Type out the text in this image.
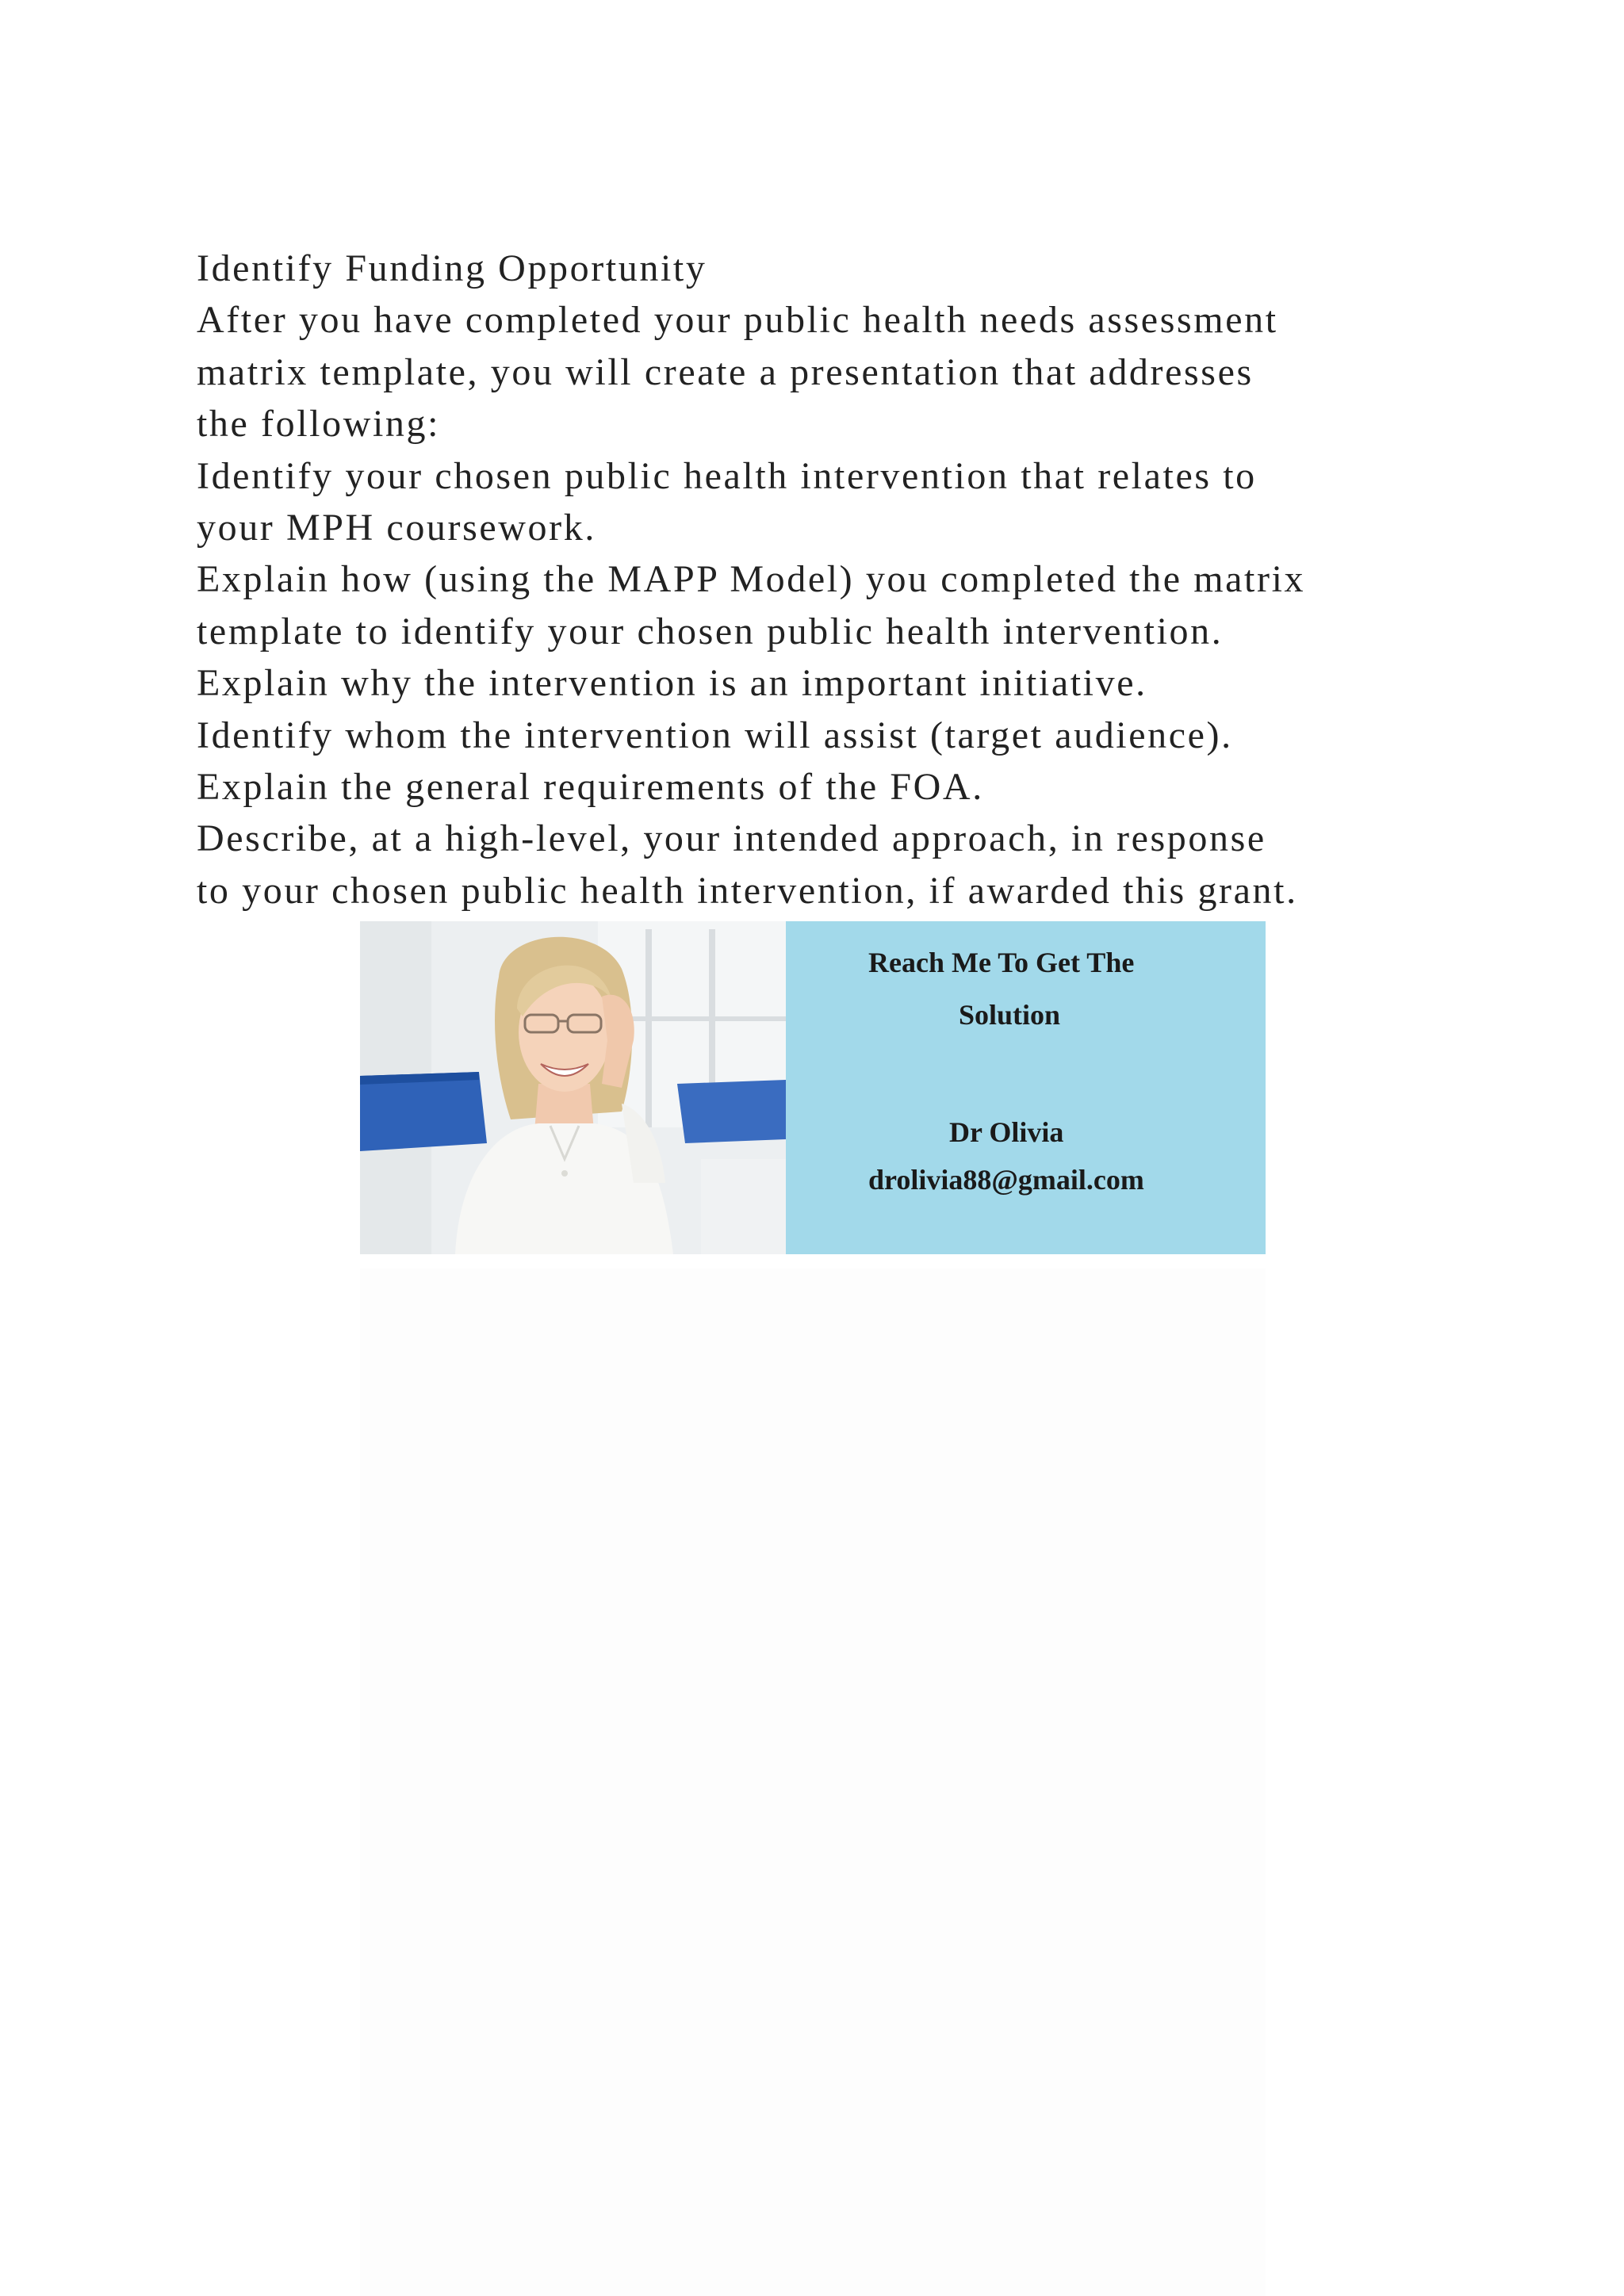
Identify Funding Opportunity
After you have completed your public health needs assessment
matrix template, you will create a presentation that addresses
the following:
Identify your chosen public health intervention that relates to
your MPH coursework.
Explain how (using the MAPP Model) you completed the matrix
template to identify your chosen public health intervention.
Explain why the intervention is an important initiative.
Identify whom the intervention will assist (target audience).
Explain the general requirements of the FOA.
Describe, at a high-level, your intended approach, in response
to your chosen public health intervention, if awarded this grant.
Reach Me To Get The
Solution
Dr Olivia
drolivia88@gmail.com
